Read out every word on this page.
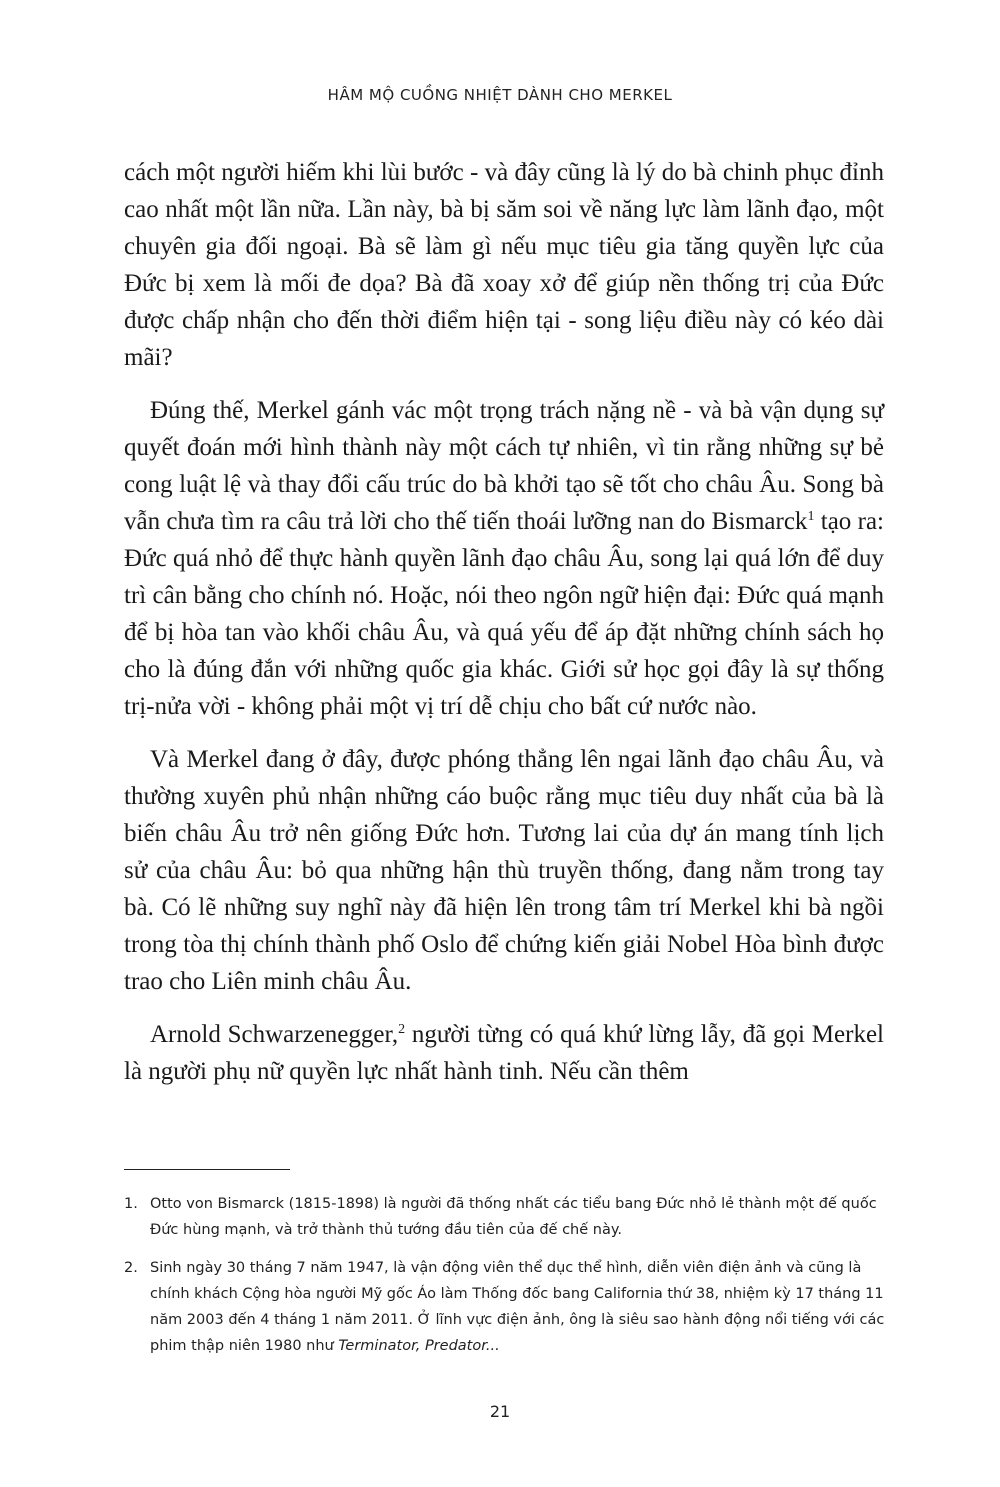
HÂM MỘ CUỒNG NHIỆT DÀNH CHO MERKEL

cách một người hiếm khi lùi bước - và đây cũng là lý do bà chinh phục đỉnh cao nhất một lần nữa. Lần này, bà bị săm soi về năng lực làm lãnh đạo, một chuyên gia đối ngoại. Bà sẽ làm gì nếu mục tiêu gia tăng quyền lực của Đức bị xem là mối đe dọa? Bà đã xoay xở để giúp nền thống trị của Đức được chấp nhận cho đến thời điểm hiện tại - song liệu điều này có kéo dài mãi?

Đúng thế, Merkel gánh vác một trọng trách nặng nề - và bà vận dụng sự quyết đoán mới hình thành này một cách tự nhiên, vì tin rằng những sự bẻ cong luật lệ và thay đổi cấu trúc do bà khởi tạo sẽ tốt cho châu Âu. Song bà vẫn chưa tìm ra câu trả lời cho thế tiến thoái lưỡng nan do Bismarck$^1$ tạo ra: Đức quá nhỏ để thực hành quyền lãnh đạo châu Âu, song lại quá lớn để duy trì cân bằng cho chính nó. Hoặc, nói theo ngôn ngữ hiện đại: Đức quá mạnh để bị hòa tan vào khối châu Âu, và quá yếu để áp đặt những chính sách họ cho là đúng đắn với những quốc gia khác. Giới sử học gọi đây là sự thống trị-nửa vời - không phải một vị trí dễ chịu cho bất cứ nước nào.

Và Merkel đang ở đây, được phóng thẳng lên ngai lãnh đạo châu Âu, và thường xuyên phủ nhận những cáo buộc rằng mục tiêu duy nhất của bà là biến châu Âu trở nên giống Đức hơn. Tương lai của dự án mang tính lịch sử của châu Âu: bỏ qua những hận thù truyền thống, đang nằm trong tay bà. Có lẽ những suy nghĩ này đã hiện lên trong tâm trí Merkel khi bà ngồi trong tòa thị chính thành phố Oslo để chứng kiến giải Nobel Hòa bình được trao cho Liên minh châu Âu.

Arnold Schwarzenegger,$^2$ người từng có quá khứ lừng lẫy, đã gọi Merkel là người phụ nữ quyền lực nhất hành tinh. Nếu cần thêm

1. Otto von Bismarck (1815-1898) là người đã thống nhất các tiểu bang Đức nhỏ lẻ thành một đế quốc Đức hùng mạnh, và trở thành thủ tướng đầu tiên của đế chế này.
2. Sinh ngày 30 tháng 7 năm 1947, là vận động viên thể dục thể hình, diễn viên điện ảnh và cũng là chính khách Cộng hòa người Mỹ gốc Áo làm Thống đốc bang California thứ 38, nhiệm kỳ 17 tháng 11 năm 2003 đến 4 tháng 1 năm 2011. Ở lĩnh vực điện ảnh, ông là siêu sao hành động nổi tiếng với các phim thập niên 1980 như Terminator, Predator...
21
